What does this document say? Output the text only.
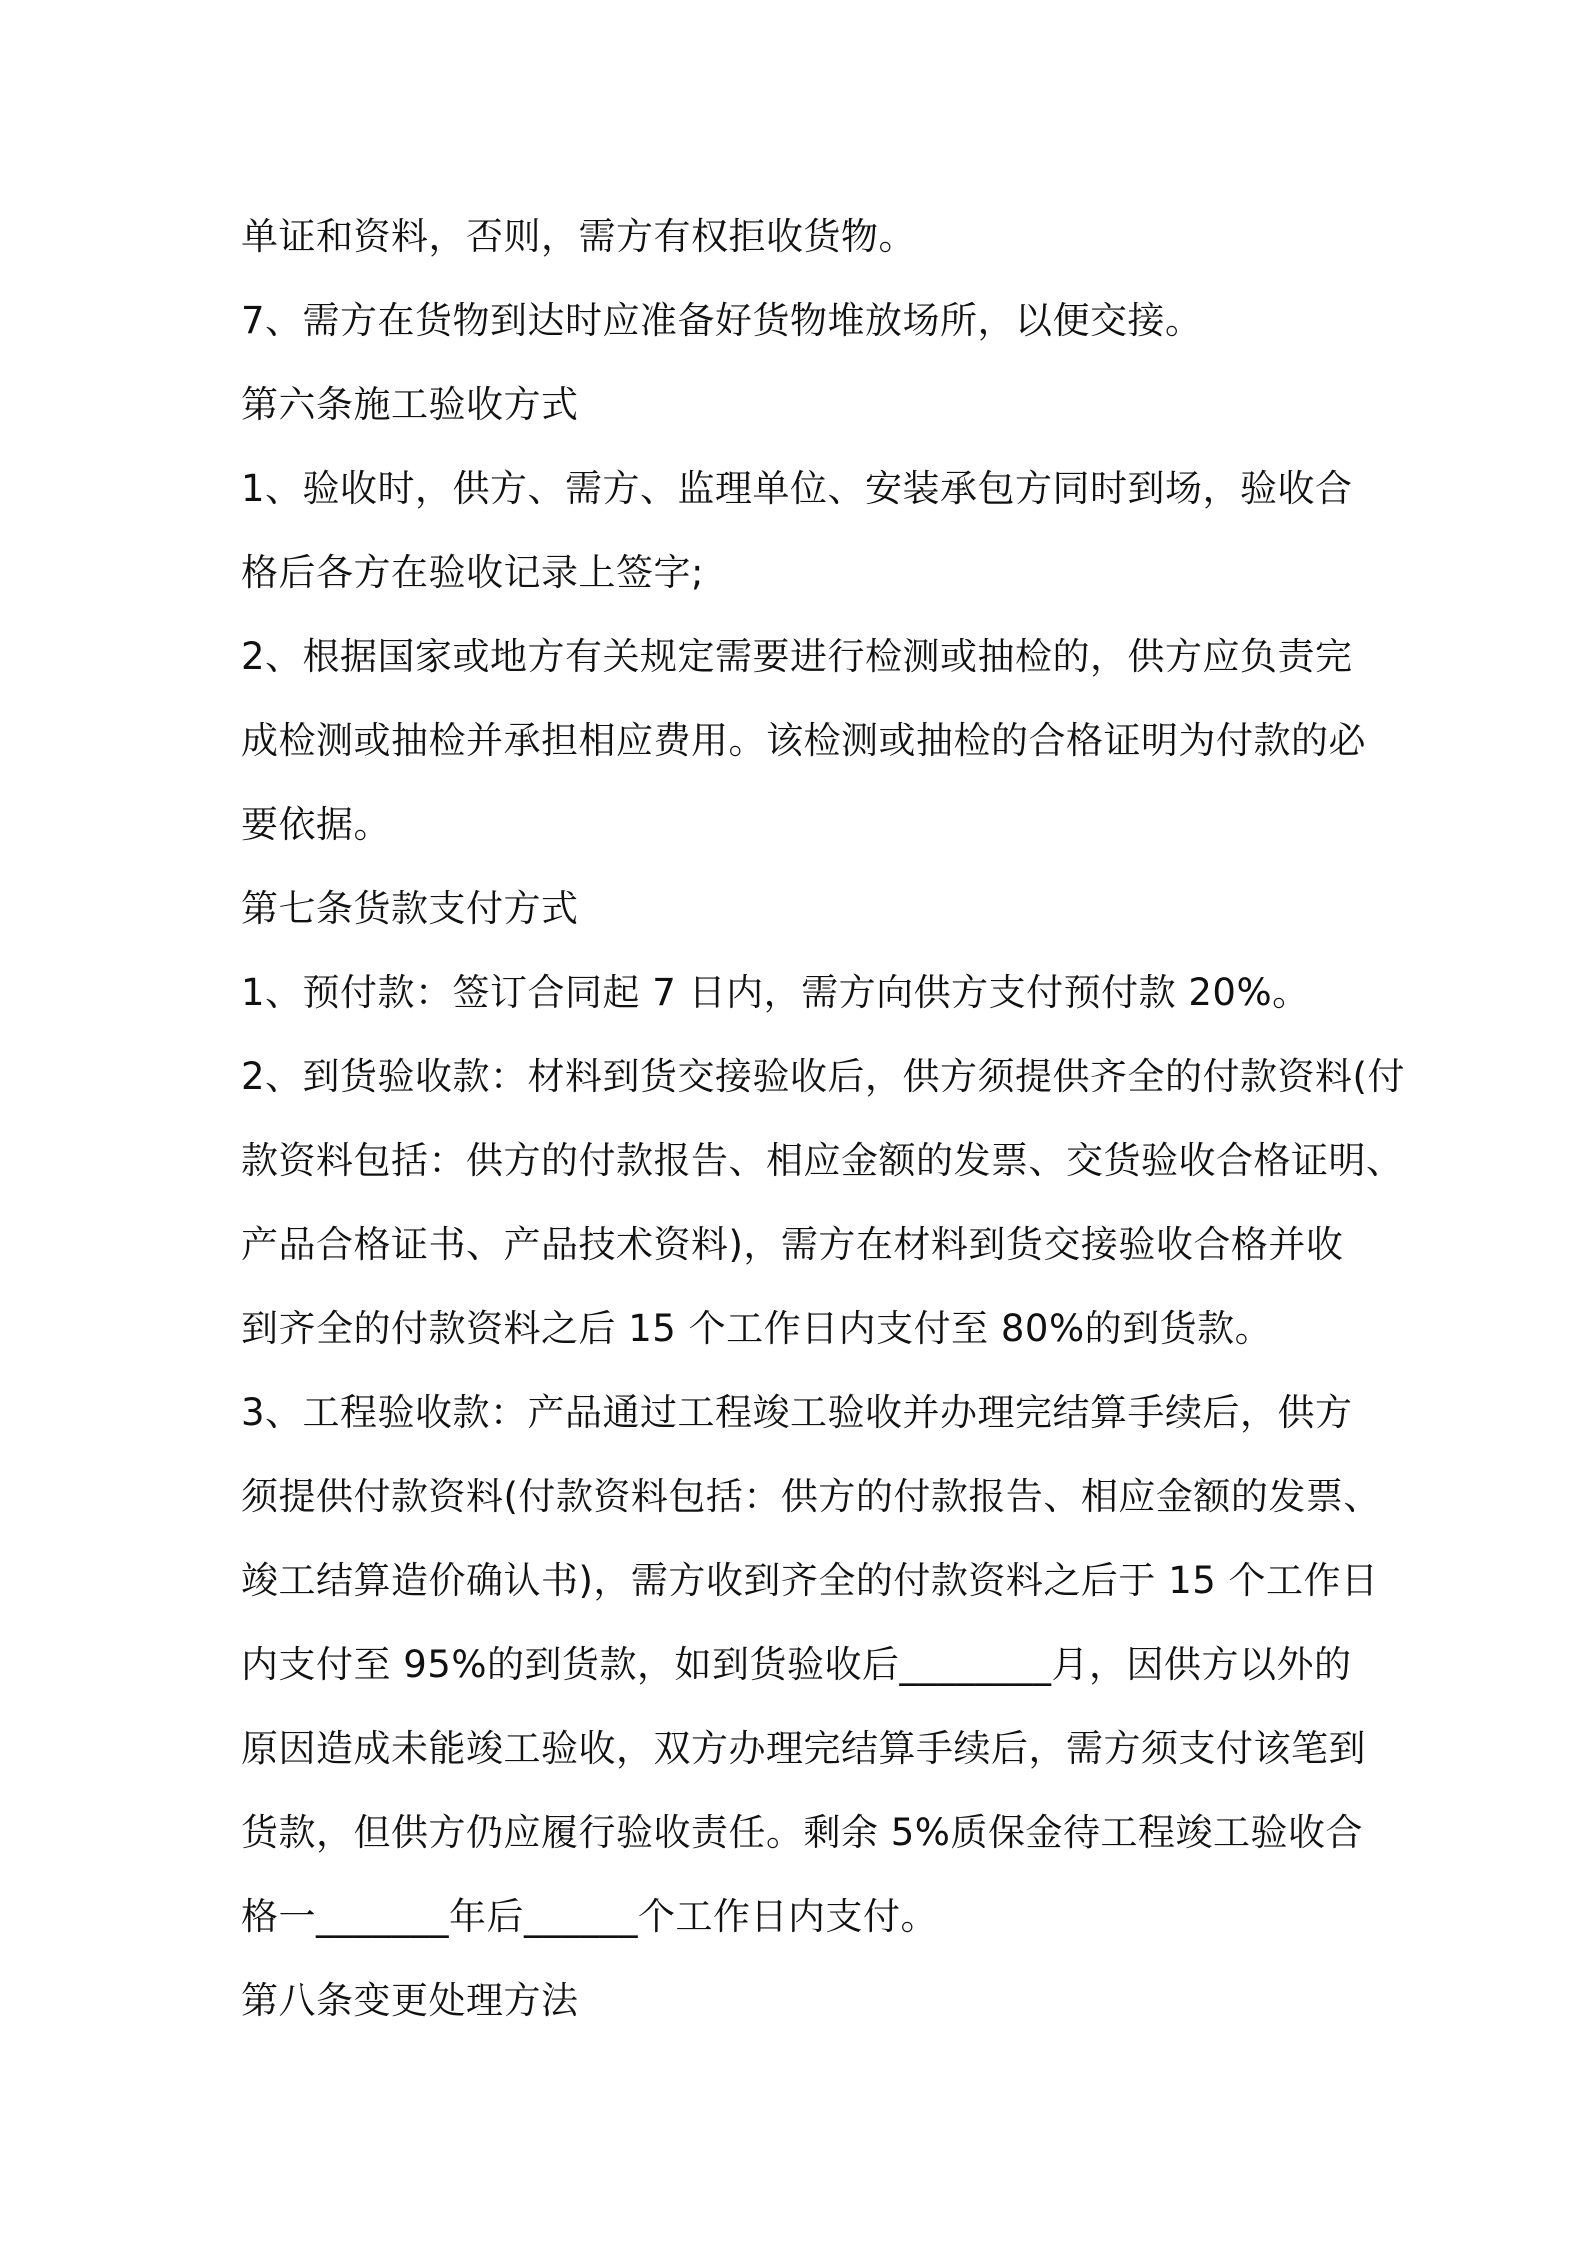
单证和资料，否则，需方有权拒收货物。
7、需方在货物到达时应准备好货物堆放场所，以便交接。
第六条施工验收方式
1、验收时，供方、需方、监理单位、安装承包方同时到场，验收合
格后各方在验收记录上签字;
2、根据国家或地方有关规定需要进行检测或抽检的，供方应负责完
成检测或抽检并承担相应费用。该检测或抽检的合格证明为付款的必
要依据。
第七条货款支付方式
1、预付款：签订合同起 7 日内，需方向供方支付预付款 20%。
2、到货验收款：材料到货交接验收后，供方须提供齐全的付款资料(付
款资料包括：供方的付款报告、相应金额的发票、交货验收合格证明、
产品合格证书、产品技术资料)，需方在材料到货交接验收合格并收
到齐全的付款资料之后 15 个工作日内支付至 80%的到货款。
3、工程验收款：产品通过工程竣工验收并办理完结算手续后，供方
须提供付款资料(付款资料包括：供方的付款报告、相应金额的发票、
竣工结算造价确认书)，需方收到齐全的付款资料之后于 15 个工作日
内支付至 95%的到货款，如到货验收后________月，因供方以外的
原因造成未能竣工验收，双方办理完结算手续后，需方须支付该笔到
货款，但供方仍应履行验收责任。剩余 5%质保金待工程竣工验收合
格一_______年后______个工作日内支付。
第八条变更处理方法
